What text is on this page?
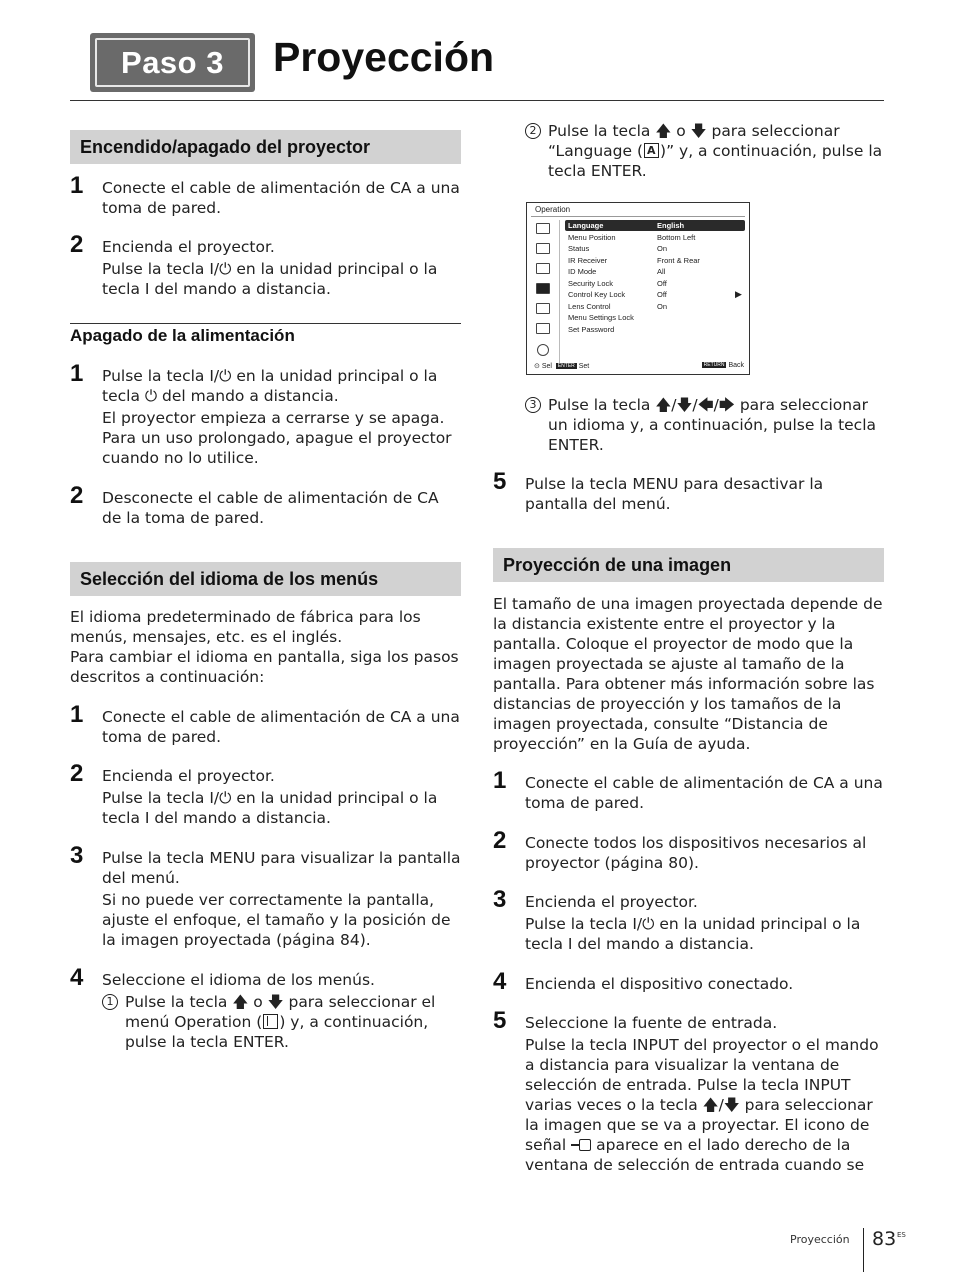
Paso 3	Proyección
Encendido/apagado del proyector
1 Conecte el cable de alimentación de CA a una toma de pared.

2 Encienda el proyector.

Pulse la tecla I/⏻ en la unidad principal o la tecla I del mando a distancia.

Apagado de la alimentación
1 Pulse la tecla I/⏻ en la unidad principal o la tecla ⏻ del mando a distancia.

El proyector empieza a cerrarse y se apaga. Para un uso prolongado, apague el proyector cuando no lo utilice.

2 Desconecte el cable de alimentación de CA de la toma de pared.

Selección del idioma de los menús
El idioma predeterminado de fábrica para los menús, mensajes, etc. es el inglés.
Para cambiar el idioma en pantalla, siga los pasos descritos a continuación:
1 Conecte el cable de alimentación de CA a una toma de pared.

2 Encienda el proyector.

Pulse la tecla I/⏻ en la unidad principal o la tecla I del mando a distancia.

3 Pulse la tecla MENU para visualizar la pantalla del menú.

Si no puede ver correctamente la pantalla, ajuste el enfoque, el tamaño y la posición de la imagen proyectada (página 84).

4 Seleccione el idioma de los menús.

1 Pulse la tecla 🡅 o 🡇 para seleccionar el menú Operation ( ) y, a continuación, pulse la tecla ENTER.
2 Pulse la tecla 🡅 o 🡇 para seleccionar “Language (A )” y, a continuación, pulse la tecla ENTER.
3 Pulse la tecla 🡅/🡇/🡄/🡆 para seleccionar un idioma y, a continuación, pulse la tecla ENTER.
5 Pulse la tecla MENU para desactivar la pantalla del menú.

Proyección de una imagen
El tamaño de una imagen proyectada depende de la distancia existente entre el proyector y la pantalla. Coloque el proyector de modo que la imagen proyectada se ajuste al tamaño de la pantalla. Para obtener más información sobre las distancias de proyección y los tamaños de la imagen proyectada, consulte “Distancia de proyección” en la Guía de ayuda.
1 Conecte el cable de alimentación de CA a una toma de pared.

2 Conecte todos los dispositivos necesarios al proyector (página 80).

3 Encienda el proyector.

Pulse la tecla I/⏻ en la unidad principal o la tecla I del mando a distancia.

4 Encienda el dispositivo conectado.

5 Seleccione la fuente de entrada.

Pulse la tecla INPUT del proyector o el mando a distancia para visualizar la ventana de selección de entrada. Pulse la tecla INPUT varias veces o la tecla 🡅/🡇 para seleccionar la imagen que se va a proyectar. El icono de señal aparece en el lado derecho de la ventana de selección de entrada cuando se

Operation
Language	English
Menu Position	Bottom Left
Status	On
IR Receiver	Front & Rear
ID Mode	All
Security Lock	Off
Control Key Lock	Off
Lens Control	On
Menu Settings Lock
Set Password
▶
⊙ Sel ENTER Set	RETURN Back
Proyección 83 ES
